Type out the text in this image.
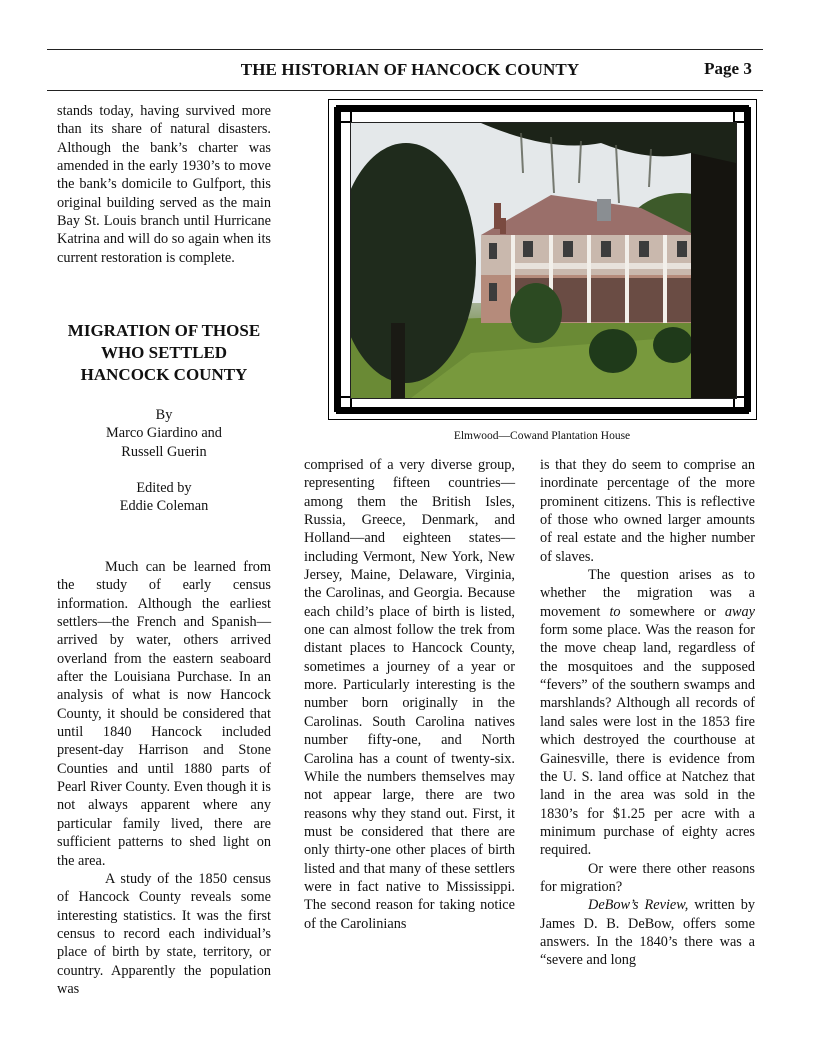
THE HISTORIAN OF HANCOCK COUNTY	Page 3

stands today, having survived more than its share of natural disasters. Although the bank’s charter was amended in the early 1930’s to move the bank’s domicile to Gulfport, this original building served as the main Bay St. Louis branch until Hurricane Katrina and will do so again when its current restoration is complete.

MIGRATION OF THOSE

WHO SETTLED

HANCOCK COUNTY

By

Marco Giardino and

Russell Guerin

Edited by

Eddie Coleman

Much can be learned from the study of early census information. Although the earliest settlers—the French and Spanish—arrived by water, others arrived overland from the eastern seaboard after the Louisiana Purchase. In an analysis of what is now Hancock County, it should be considered that until 1840 Hancock included present-day Harrison and Stone Counties and until 1880 parts of Pearl River County. Even though it is not always apparent where any particular family lived, there are sufficient patterns to shed light on the area.

A study of the 1850 census of Hancock County reveals some interesting statistics. It was the first census to record each individual’s place of birth by state, territory, or country. Apparently the population was

Elmwood—Cowand Plantation House

comprised of a very diverse group, representing fifteen countries—among them the British Isles, Russia, Greece, Denmark, and Holland—and eighteen states— including Vermont, New York, New Jersey, Maine, Delaware, Virginia, the Carolinas, and Georgia. Because each child’s place of birth is listed, one can almost follow the trek from distant places to Hancock County, sometimes a journey of a year or more. Particularly interesting is the number born originally in the Carolinas. South Carolina natives number fifty-one, and North Carolina has a count of twenty-six. While the numbers themselves may not appear large, there are two reasons why they stand out. First, it must be considered that there are only thirty-one other places of birth listed and that many of these settlers were in fact native to Mississippi. The second reason for taking notice of the Carolinians

is that they do seem to comprise an inordinate percentage of the more prominent citizens. This is reflective of those who owned larger amounts of real estate and the higher number of slaves.

The question arises as to whether the migration was a movement to somewhere or away form some place. Was the reason for the move cheap land, regardless of the mosquitoes and the supposed “fevers” of the southern swamps and marshlands? Although all records of land sales were lost in the 1853 fire which destroyed the courthouse at Gainesville, there is evidence from the U. S. land office at Natchez that land in the area was sold in the 1830’s for $1.25 per acre with a minimum purchase of eighty acres required.

Or were there other reasons for migration?

DeBow’s Review, written by James D. B. DeBow, offers some answers. In the 1840’s there was a “severe and long
